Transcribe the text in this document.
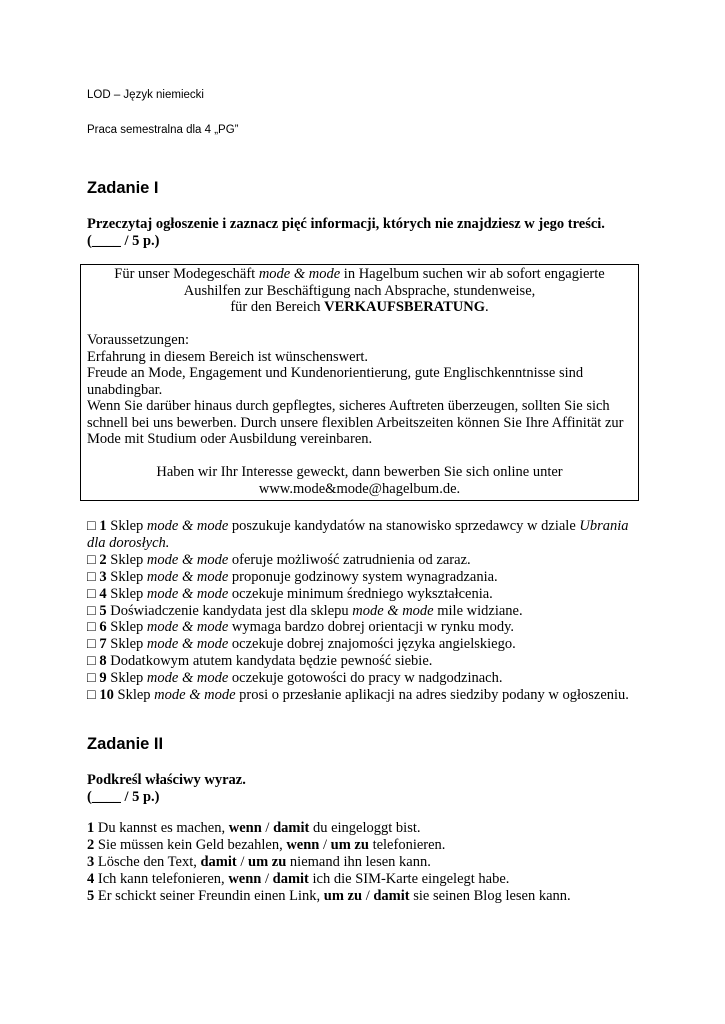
LOD – Język niemiecki
Praca semestralna dla 4 „PG”
Zadanie I
Przeczytaj ogłoszenie i zaznacz pięć informacji, których nie znajdziesz w jego treści.
(____ / 5 p.)

Für unser Modegeschäft mode & mode in Hagelbum suchen wir ab sofort engagierte

Aushilfen zur Beschäftigung nach Absprache, stundenweise,

für den Bereich VERKAUFSBERATUNG.

Voraussetzungen:

Erfahrung in diesem Bereich ist wünschenswert.

Freude an Mode, Engagement und Kundenorientierung, gute Englischkenntnisse sind unabdingbar.

Wenn Sie darüber hinaus durch gepflegtes, sicheres Auftreten überzeugen, sollten Sie sich schnell bei uns bewerben. Durch unsere flexiblen Arbeitszeiten können Sie Ihre Affinität zur Mode mit Studium oder Ausbildung vereinbaren.

Haben wir Ihr Interesse geweckt, dann bewerben Sie sich online unter

www.mode&mode@hagelbum.de.

□ 1 Sklep mode & mode poszukuje kandydatów na stanowisko sprzedawcy w dziale Ubrania dla dorosłych.
□ 2 Sklep mode & mode oferuje możliwość zatrudnienia od zaraz.
□ 3 Sklep mode & mode proponuje godzinowy system wynagradzania.
□ 4 Sklep mode & mode oczekuje minimum średniego wykształcenia.
□ 5 Doświadczenie kandydata jest dla sklepu mode & mode mile widziane.
□ 6 Sklep mode & mode wymaga bardzo dobrej orientacji w rynku mody.
□ 7 Sklep mode & mode oczekuje dobrej znajomości języka angielskiego.
□ 8 Dodatkowym atutem kandydata będzie pewność siebie.
□ 9 Sklep mode & mode oczekuje gotowości do pracy w nadgodzinach.
□ 10 Sklep mode & mode prosi o przesłanie aplikacji na adres siedziby podany w ogłoszeniu.
Zadanie II
Podkreśl właściwy wyraz.
(____ / 5 p.)
1 Du kannst es machen, wenn / damit du eingeloggt bist.
2 Sie müssen kein Geld bezahlen, wenn / um zu telefonieren.
3 Lösche den Text, damit / um zu niemand ihn lesen kann.
4 Ich kann telefonieren, wenn / damit ich die SIM-Karte eingelegt habe.
5 Er schickt seiner Freundin einen Link, um zu / damit sie seinen Blog lesen kann.
